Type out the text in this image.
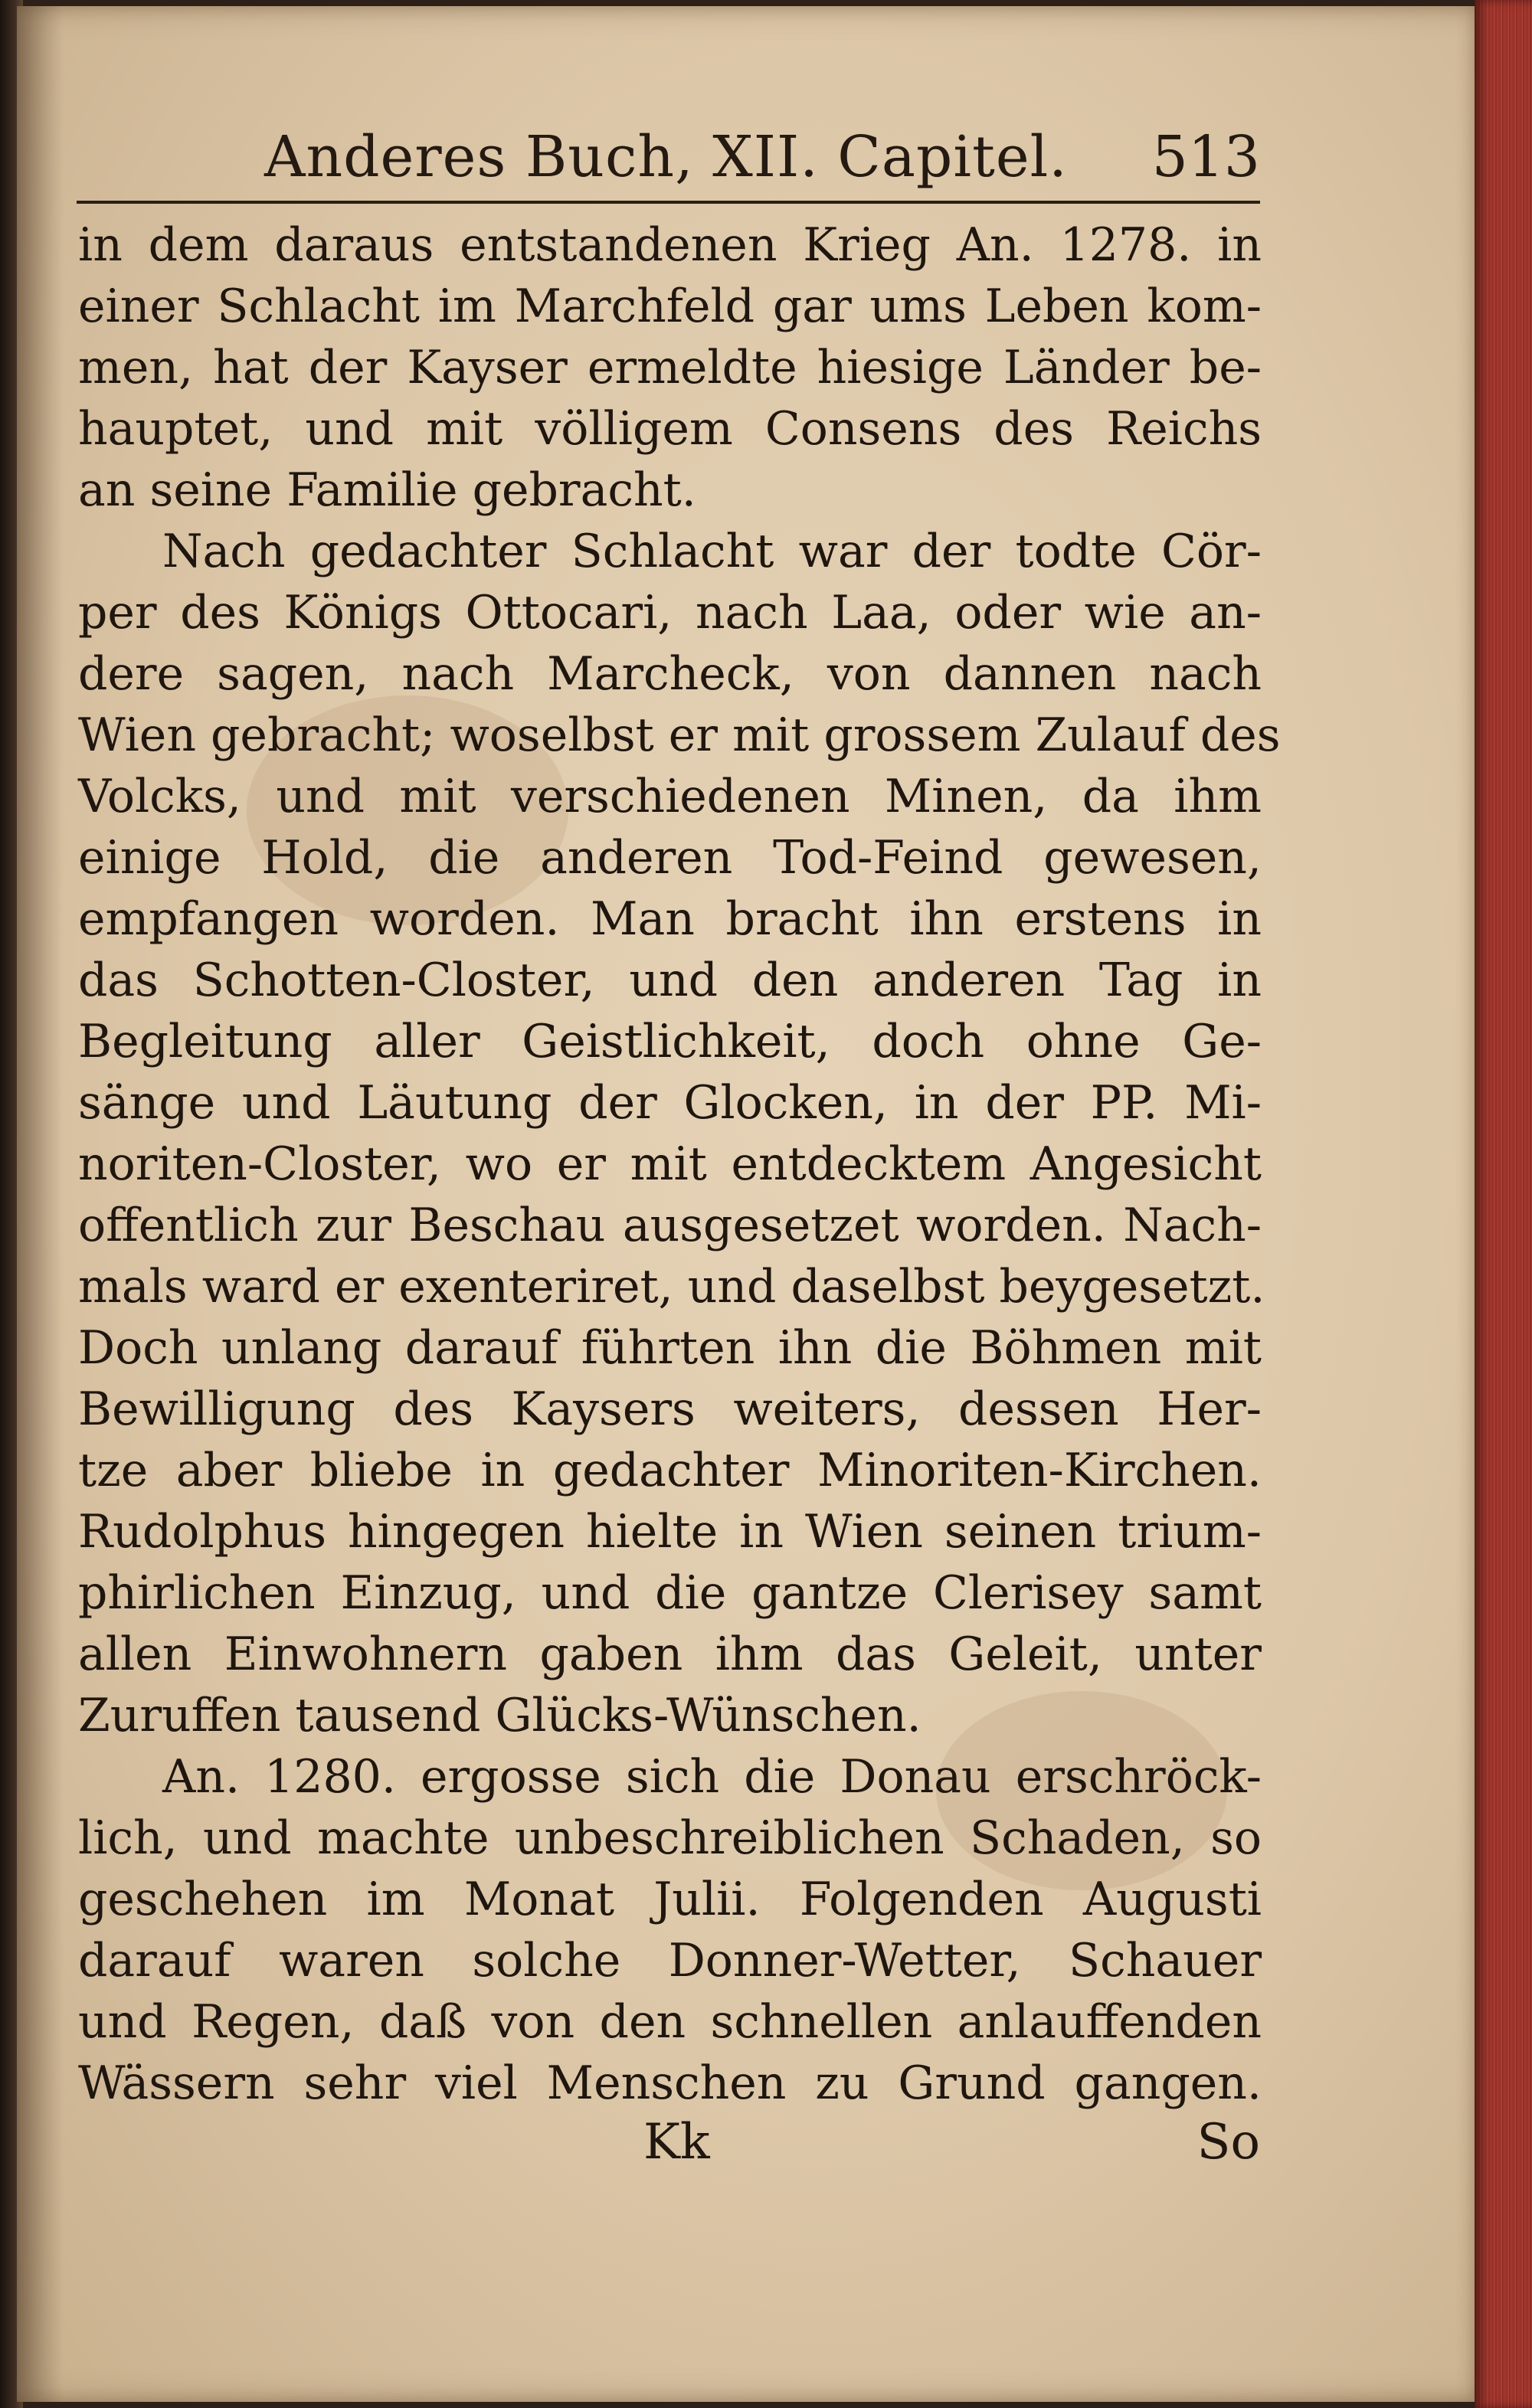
Anderes Buch, XII. Capitel. 513
in dem daraus entstandenen Krieg An. 1278. in
einer Schlacht im Marchfeld gar ums Leben kom-
men, hat der Kayser ermeldte hiesige Länder be-
hauptet, und mit völligem Consens des Reichs
an seine Familie gebracht.
Nach gedachter Schlacht war der todte Cör-
per des Königs Ottocari, nach Laa, oder wie an-
dere sagen, nach Marcheck, von dannen nach
Wien gebracht; woselbst er mit grossem Zulauf des
Volcks, und mit verschiedenen Minen, da ihm
einige Hold, die anderen Tod-Feind gewesen,
empfangen worden. Man bracht ihn erstens in
das Schotten-Closter, und den anderen Tag in
Begleitung aller Geistlichkeit, doch ohne Ge-
sänge und Läutung der Glocken, in der PP. Mi-
noriten-Closter, wo er mit entdecktem Angesicht
offentlich zur Beschau ausgesetzet worden. Nach-
mals ward er exenteriret, und daselbst beygesetzt.
Doch unlang darauf führten ihn die Böhmen mit
Bewilligung des Kaysers weiters, dessen Her-
tze aber bliebe in gedachter Minoriten-Kirchen.
Rudolphus hingegen hielte in Wien seinen trium-
phirlichen Einzug, und die gantze Clerisey samt
allen Einwohnern gaben ihm das Geleit, unter
Zuruffen tausend Glücks-Wünschen.
An. 1280. ergosse sich die Donau erschröck-
lich, und machte unbeschreiblichen Schaden, so
geschehen im Monat Julii. Folgenden Augusti
darauf waren solche Donner-Wetter, Schauer
und Regen, daß von den schnellen anlauffenden
Wässern sehr viel Menschen zu Grund gangen.
Kk	So
